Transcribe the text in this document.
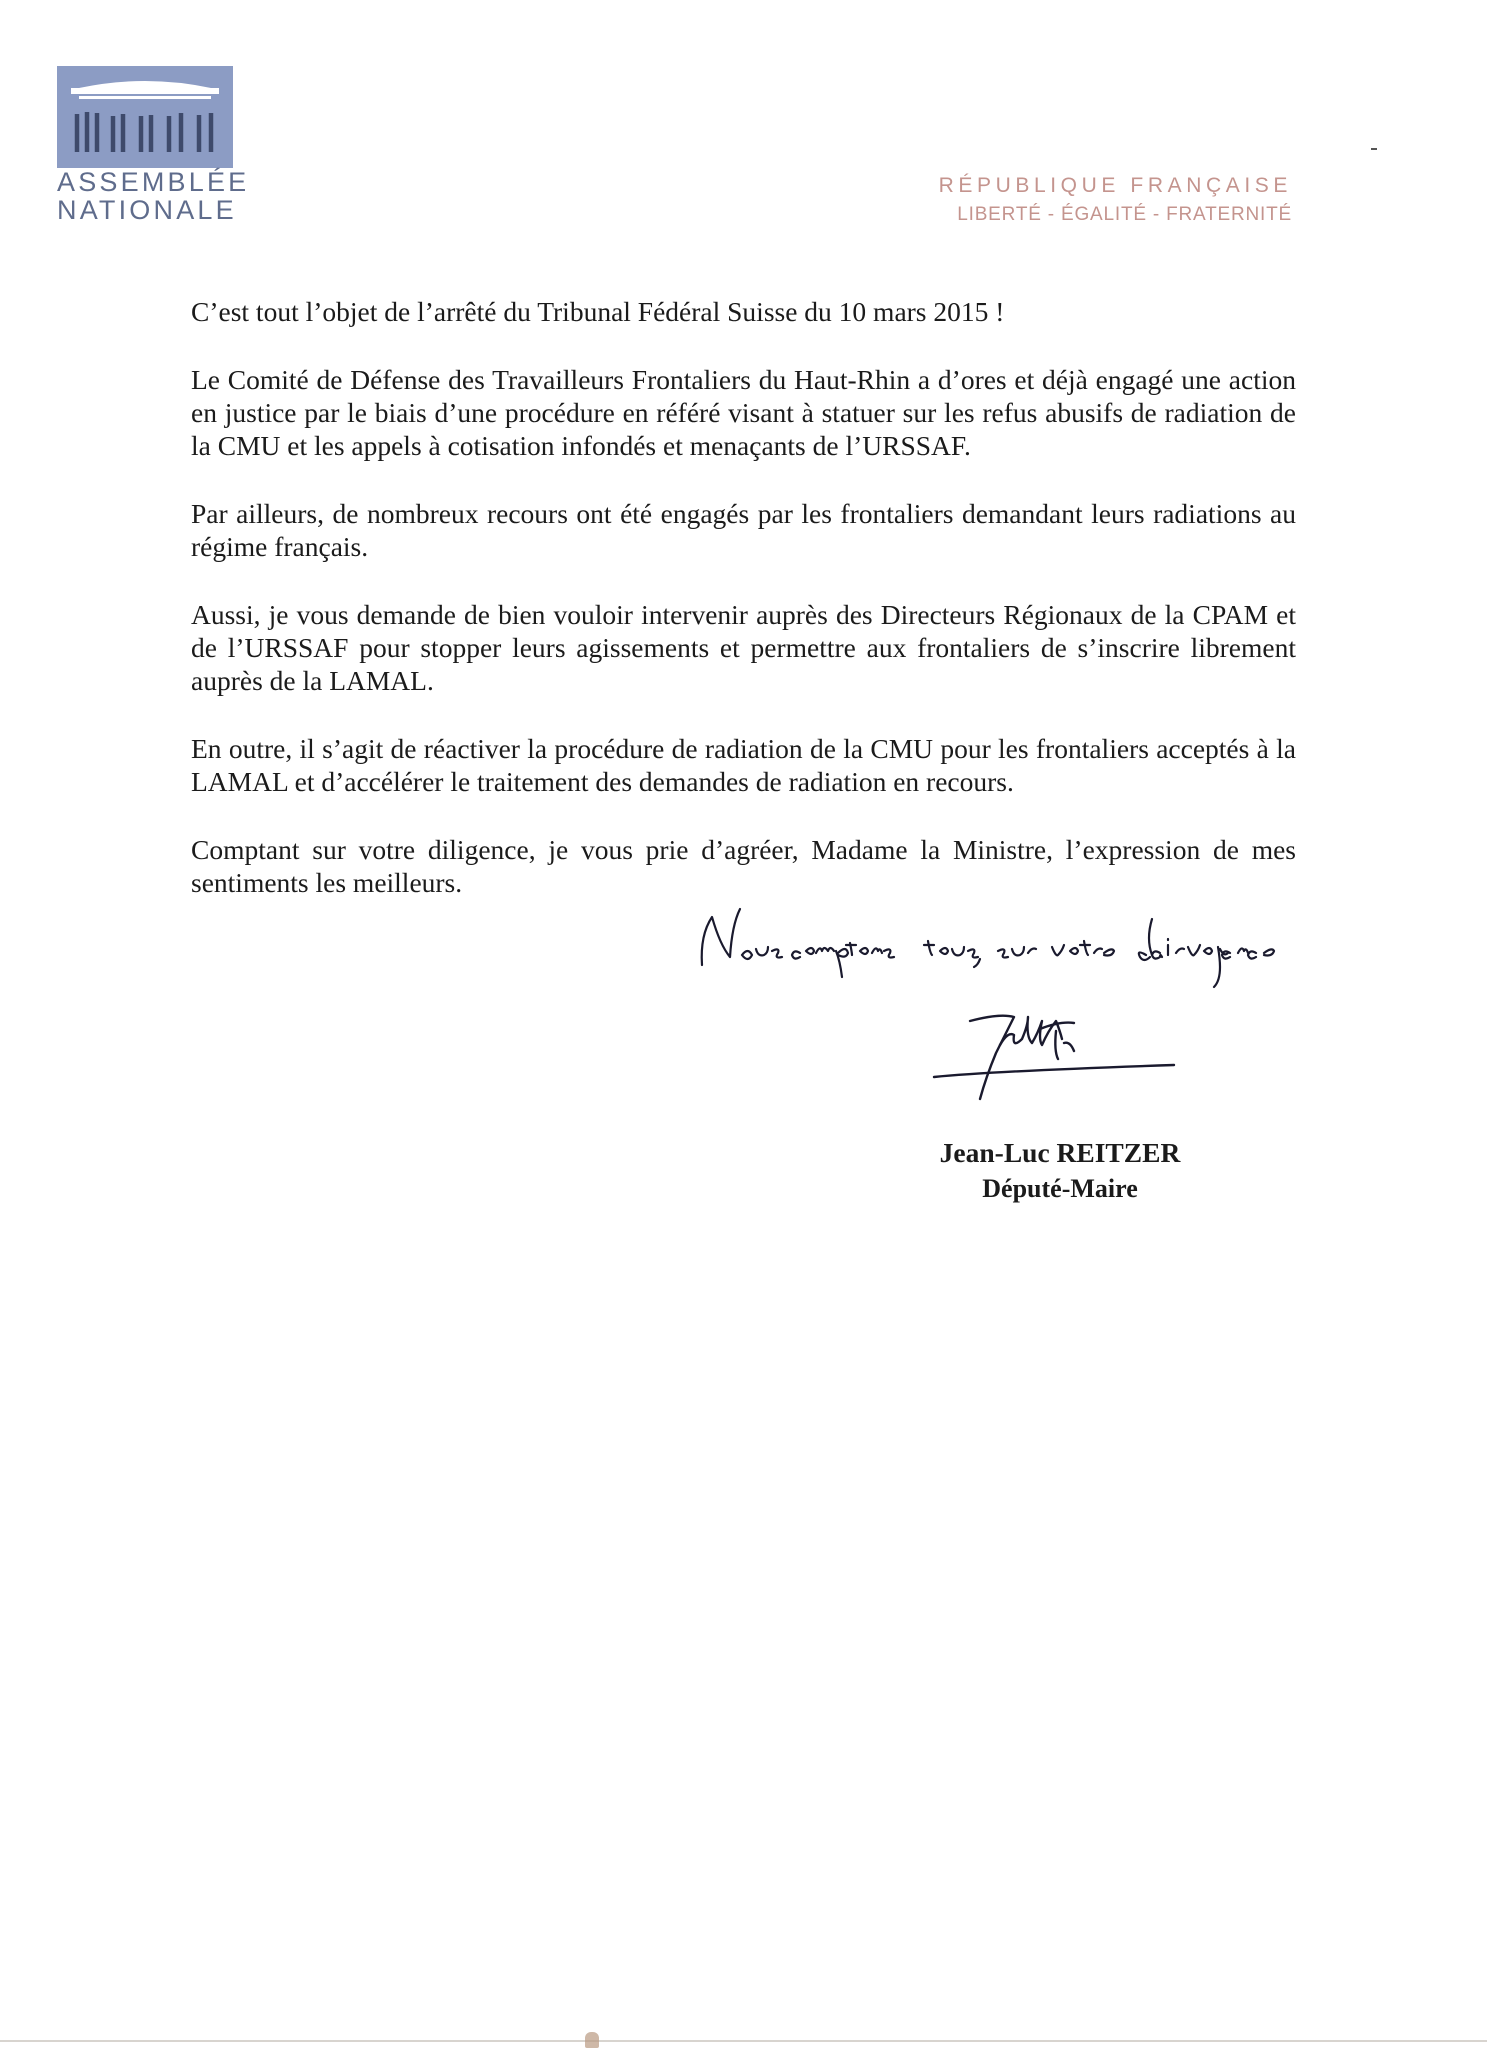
ASSEMBLÉE
NATIONALE
RÉPUBLIQUE FRANÇAISE
LIBERTÉ - ÉGALITÉ - FRATERNITÉ

C’est tout l’objet de l’arrêté du Tribunal Fédéral Suisse du 10 mars 2015 !

Le Comité de Défense des Travailleurs Frontaliers du Haut-Rhin a d’ores et déjà engagé une action en justice par le biais d’une procédure en référé visant à statuer sur les refus abusifs de radiation de la CMU et les appels à cotisation infondés et menaçants de l’URSSAF.

Par ailleurs, de nombreux recours ont été engagés par les frontaliers demandant leurs radiations au régime français.

Aussi, je vous demande de bien vouloir intervenir auprès des Directeurs Régionaux de la CPAM et de l’URSSAF pour stopper leurs agissements et permettre aux frontaliers de s’inscrire librement auprès de la LAMAL.

En outre, il s’agit de réactiver la procédure de radiation de la CMU pour les frontaliers acceptés à la LAMAL et d’accélérer le traitement des demandes de radiation en recours.

Comptant sur votre diligence, je vous prie d’agréer, Madame la Ministre, l’expression de mes sentiments les meilleurs.

Jean-Luc REITZER
Député-Maire
